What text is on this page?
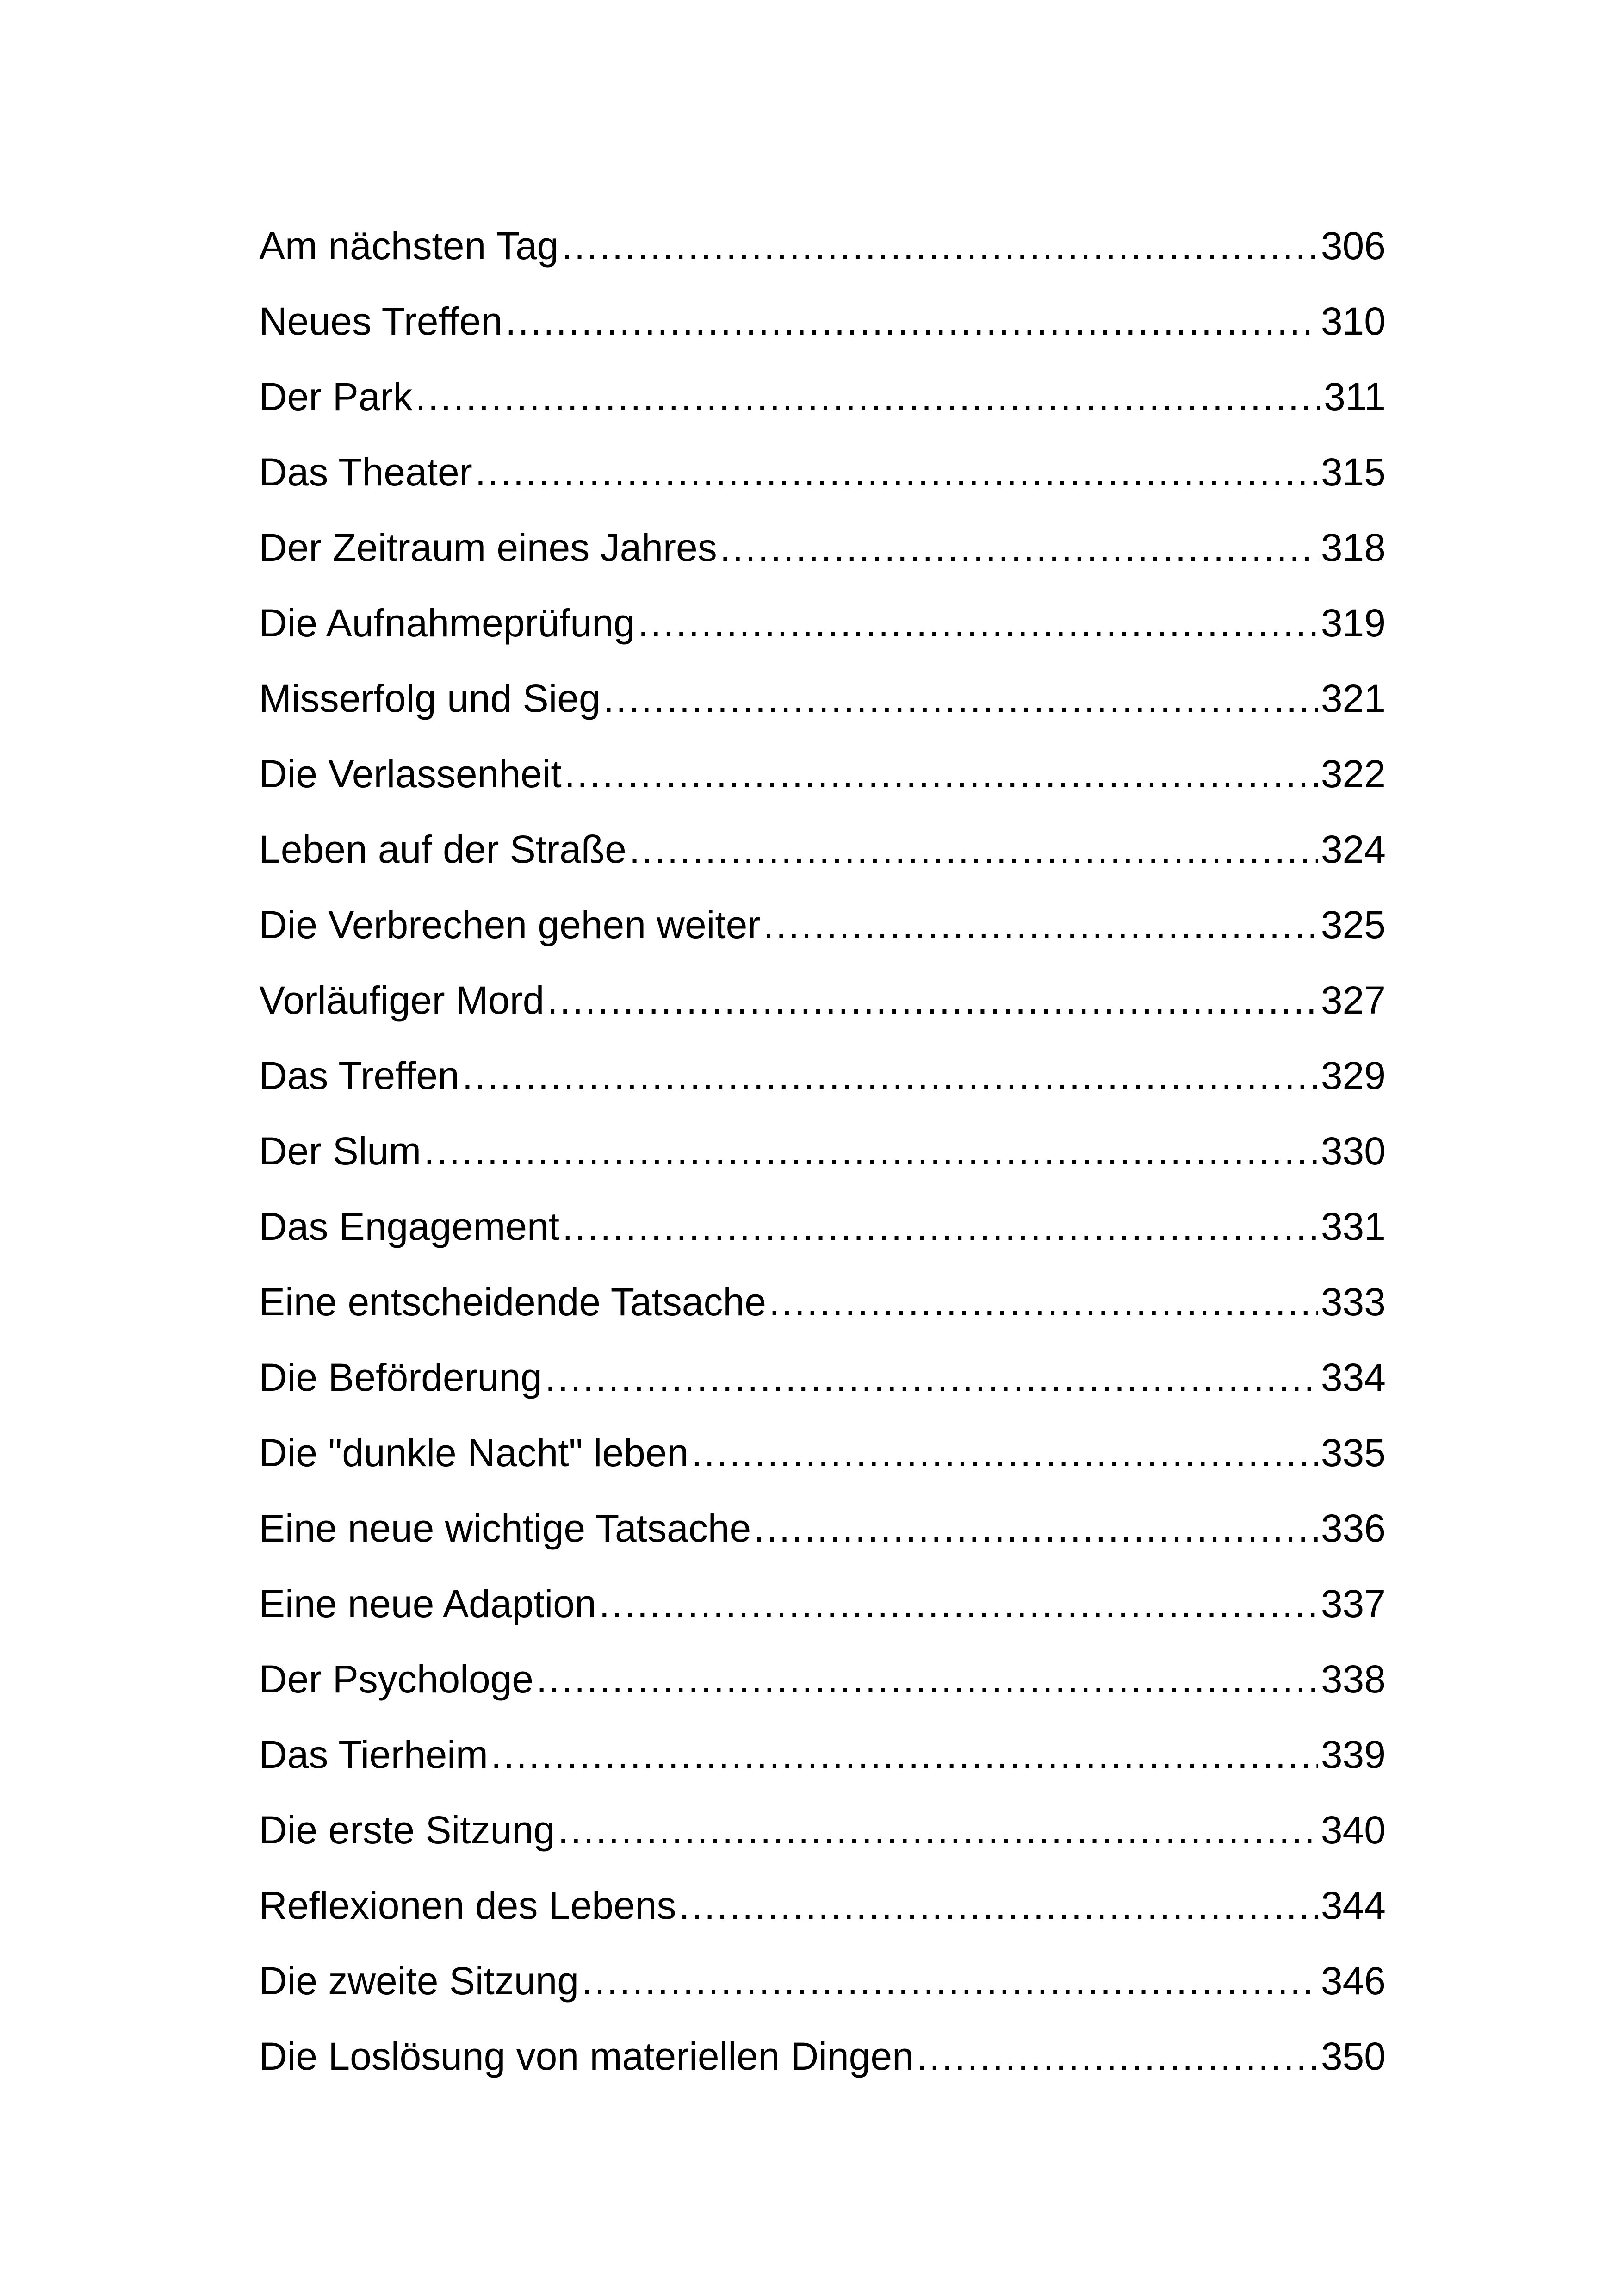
Am nächsten Tag .....	306
Neues Treffen .....	310
Der Park .....	311
Das Theater .....	315
Der Zeitraum eines Jahres .....	318
Die Aufnahmeprüfung .....	319
Misserfolg und Sieg .....	321
Die Verlassenheit .....	322
Leben auf der Straße .....	324
Die Verbrechen gehen weiter .....	325
Vorläufiger Mord .....	327
Das Treffen .....	329
Der Slum .....	330
Das Engagement .....	331
Eine entscheidende Tatsache .....	333
Die Beförderung .....	334
Die "dunkle Nacht" leben .....	335
Eine neue wichtige Tatsache .....	336
Eine neue Adaption .....	337
Der Psychologe .....	338
Das Tierheim .....	339
Die erste Sitzung .....	340
Reflexionen des Lebens .....	344
Die zweite Sitzung .....	346
Die Loslösung von materiellen Dingen .....	350
